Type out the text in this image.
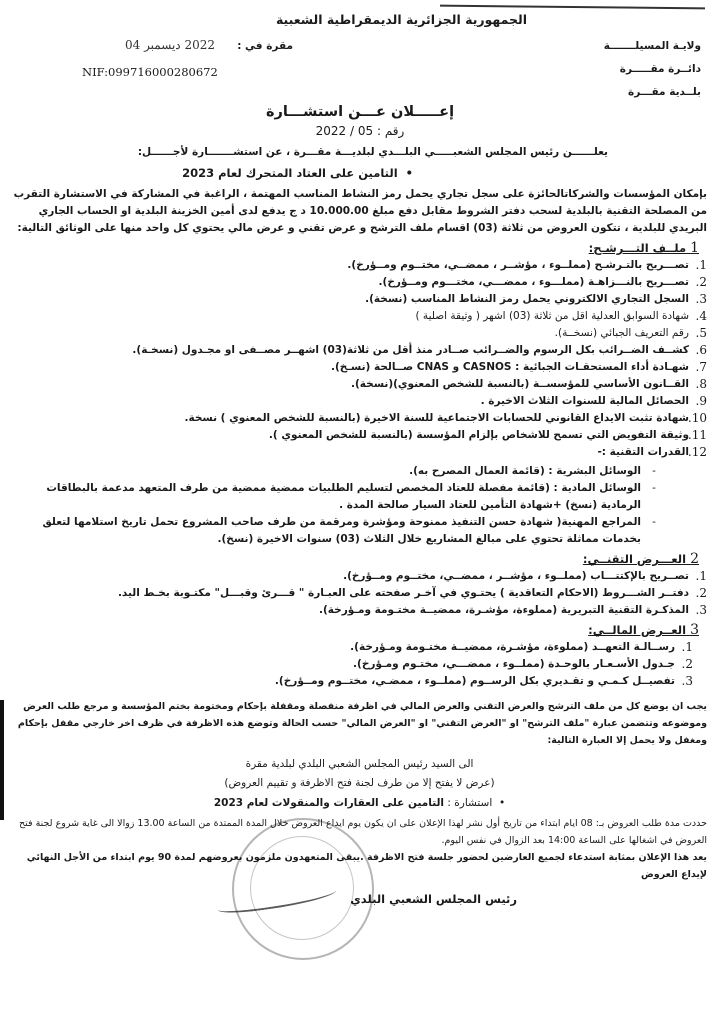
الجمهورية الجزائرية الديمقراطية الشعبية
ولايـة المسيلـــــــة
دائــرة مقـــــرة
بلــدية مقـــرة
مقرة في :
2022 ديسمبر 04
NIF:099716000280672
إعـــــلان عـــن استشـــارة
رقم : 05 / 2022
يعلــــــن رئيس المجلس الشعبـــــي البلـــدي لبلديـــة مقـــرة ، عن استشـــــــارة لأجــــــل:
•  التامين على العتاد المتحرك لعام 2023
بإمكان المؤسسات والشركاتالحائزة على سجل تجاري يحمل رمز النشاط المناسب المهتمة ، الراغبة في المشاركة في الاستشارة التقرب من المصلحة التقنية بالبلدية لسحب دفتر الشروط مقابل دفع مبلغ 10.000.00 د ج يدفع لدى أمين الخزينة البلدية او الحساب الجاري البريدي للبلدية ، تتكون العروض من ثلاثة (03) اقسام ملف الترشح و عرض تقني و عرض مالي يحتوي كل واحد منها على الوثائق التالية:
1 ملــف التـــرشـح:
1.
تصـــريح بالتـرشـح (مملــوء ، مؤشــر ، ممضــي، مختــوم ومــؤرخ).
2.
تصـــريح بالنـــزاهـة (مملـــوء ، ممضـــي، مختـــوم ومــؤرخ).
3.
السجل التجاري الالكتروني يحمل رمز النشاط المناسب (نسخة).
4.
شهادة السوابق العدلية اقل من ثلاثة (03) اشهر ( وثيقة اصلية )
5.
رقم التعريف الجبائي (نسخــة).
6.
كشــف الضــرائب بكل الرسوم والضــرائب صــادر منذ أقل من ثلاثة(03) اشهــر مصــفى او مجـدول (نسخـة).
7.
شهـادة أداء المستحقـات الجبائية : CASNOS و CNAS صــالحة (نسـخ).
8.
القــانون الأساسي للمؤسســة (بالنسبة للشخص المعنوي)(نسخة).
9.
الحصائل المالية للسنوات الثلاث الاخيرة .
10.
شهادة تثبت الايداع القانوني للحسابات الاجتماعية للسنة الاخيرة (بالنسبة للشخص المعنوي ) نسخة.
11.
وثيقة التفويض التي تسمح للاشخاص بإلزام المؤسسة (بالنسبة للشخص المعنوي ).
12.
القدرات التقنية :-
-
الوسائل البشرية : (قائمة العمال المصرح به).
-
الوسائل المادية : (قائمة مفصلة للعتاد المخصص لتسليم الطلبيات ممضية ممضية من طرف المتعهد مدعمة بالبطاقات الرمادية (نسخ) +شهادة التأمين للعتاد السيار صالحة المدة .
-
المراجع المهنية( شهادة حسن التنفيذ ممنوحة ومؤشرة ومرقمة من طرف صاحب المشروع تحمل تاريخ استلامها لتعلق بخدمات مماثلة تحتوي على مبالغ المشاريع خلال الثلاث (03) سنوات الاخيرة (نسخ).
2 العـــرض التقنــي:
1.
تصــريح بالإكتتـــاب (مملــوء ، مؤشــر ، ممضــي، مختــوم ومــؤرخ).
2.
دفتــر الشـــروط (الاحكام التعاقدية ) يحتـوي في آخـر صفحته على العبـارة " قـــرئ وقبـــل" مكتـوبة بخـط اليد.
3.
المذكـرة التقنية التبريرية (مملوءة، مؤشـرة، ممضيــة مختـومة ومـؤرخة).
3 العــرض المالــي:
1.
رســالـة التعهــد (مملوءة، مؤشـرة، ممضيــة مختـومة ومـؤرخة).
2.
جـدول الأسـعـار بالوحـدة (مملــوء ، ممضـــي، مختـوم ومـؤرخ).
3.
تفصيــل كـمـي و تقـديري بكل الرســوم (مملــوء ، ممضـي، مختــوم ومــؤرخ).
يجب ان يوضع كل من ملف الترشح والعرض التقني والعرض المالي في اظرفة منفصلة ومقفلة بإحكام ومختومة بختم المؤسسة و مرجع طلب العرض وموضوعه وتتضمن عبارة "ملف الترشح" او "العرض التقني" او "العرض المالي" حسب الحالة وتوضع هذه الاظرفة في ظرف اخر خارجي مقفل بإحكام ومغفل ولا يحمل إلا العبارة التالية:
الى السيد رئيس المجلس الشعبي البلدي لبلدية مقرة
(عرض لا يفتح إلا من طرف لجنة فتح الاظرفة و تقييم العروض)
•  استشارة : التامين على العقارات والمنقولات لعام 2023
حددت مدة طلب العروض بـ: 08 ايام ابتداء من تاريخ أول نشر لهذا الإعلان على ان يكون يوم ايداع العروض خلال المدة الممتدة من الساعة 13.00 زوالا الى غاية شروع لجنة فتح العروض في اشغالها على الساعة 14:00 بعد الزوال في نفس اليوم.
يعد هذا الإعلان بمثابة استدعاء لجميع العارضين لحضور جلسة فتح الاظرفة .يبقى المتعهدون ملزمون بعروضهم لمدة 90 يوم ابتداء من الأجل النهائي لإيداع العروض
رئيس المجلس الشعبي البلدي
